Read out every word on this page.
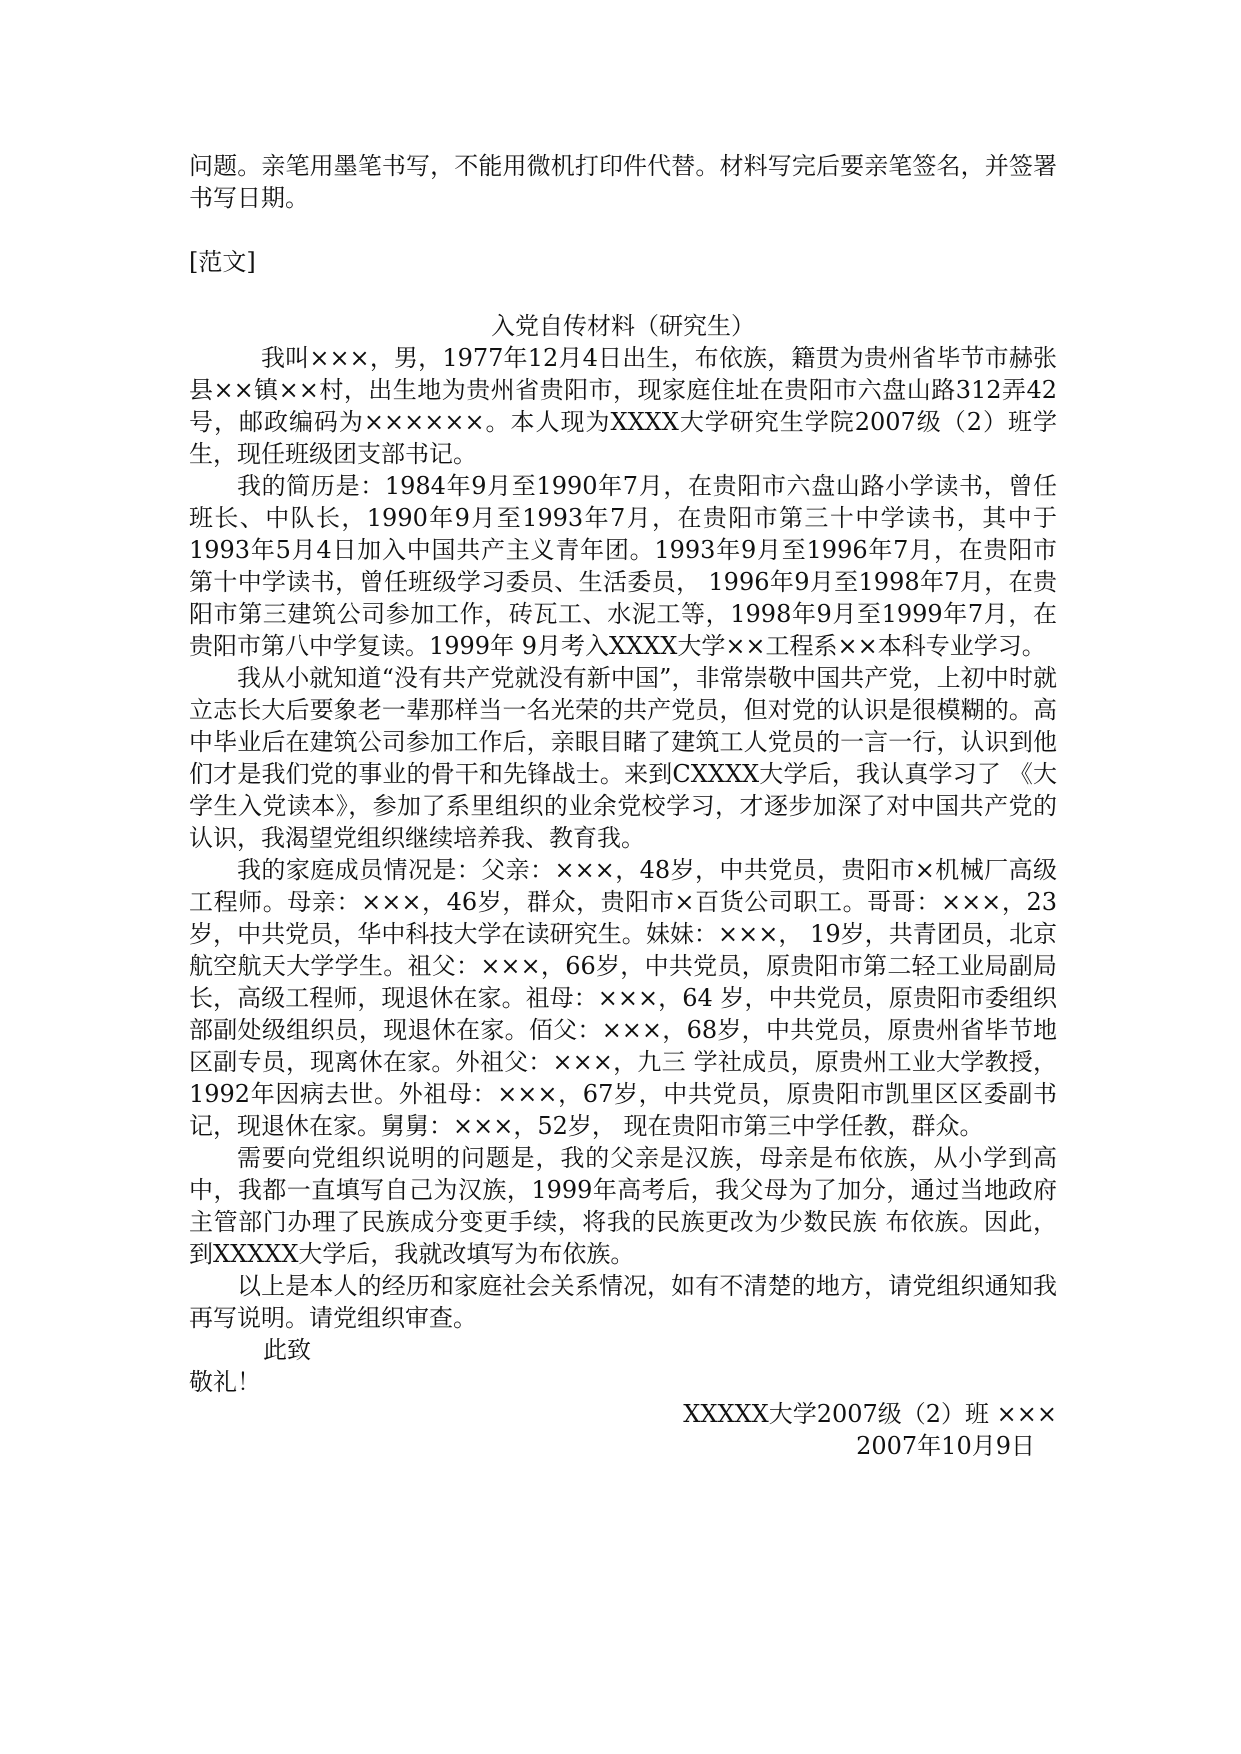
问题。亲笔用墨笔书写，不能用微机打印件代替。材料写完后要亲笔签名，并签署书写日期。

[范文]

入党自传材料（研究生）

我叫×××，男，1977年12月4日出生，布依族，籍贯为贵州省毕节市赫张县××镇××村，出生地为贵州省贵阳市，现家庭住址在贵阳市六盘山路312弄42号，邮政编码为××××××。本人现为XXXX大学研究生学院2007级（2）班学生，现任班级团支部书记。

我的简历是：1984年9月至1990年7月，在贵阳市六盘山路小学读书，曾任班长、中队长，1990年9月至1993年7月，在贵阳市第三十中学读书，其中于1993年5月4日加入中国共产主义青年团。1993年9月至1996年7月，在贵阳市第十中学读书，曾任班级学习委员、生活委员， 1996年9月至1998年7月，在贵阳市第三建筑公司参加工作，砖瓦工、水泥工等，1998年9月至1999年7月，在贵阳市第八中学复读。1999年 9月考入XXXX大学××工程系××本科专业学习。

我从小就知道“没有共产党就没有新中国”，非常崇敬中国共产党，上初中时就立志长大后要象老一辈那样当一名光荣的共产党员，但对党的认识是很模糊的。高中毕业后在建筑公司参加工作后，亲眼目睹了建筑工人党员的一言一行，认识到他们才是我们党的事业的骨干和先锋战士。来到CXXXX大学后，我认真学习了 《大学生入党读本》，参加了系里组织的业余党校学习，才逐步加深了对中国共产党的认识，我渴望党组织继续培养我、教育我。

我的家庭成员情况是：父亲：×××，48岁，中共党员，贵阳市×机械厂高级工程师。母亲：×××，46岁，群众，贵阳市×百货公司职工。哥哥：×××，23岁，中共党员，华中科技大学在读研究生。妹妹：×××， 19岁，共青团员，北京航空航天大学学生。祖父：×××，66岁，中共党员，原贵阳市第二轻工业局副局长，高级工程师，现退休在家。祖母：×××，64 岁，中共党员，原贵阳市委组织部副处级组织员，现退休在家。佰父：×××，68岁，中共党员，原贵州省毕节地区副专员，现离休在家。外祖父：×××，九三 学社成员，原贵州工业大学教授，1992年因病去世。外祖母：×××，67岁，中共党员，原贵阳市凯里区区委副书记，现退休在家。舅舅：×××，52岁， 现在贵阳市第三中学任教，群众。

需要向党组织说明的问题是，我的父亲是汉族，母亲是布依族，从小学到高中，我都一直填写自己为汉族，1999年高考后，我父母为了加分，通过当地政府主管部门办理了民族成分变更手续，将我的民族更改为少数民族 布依族。因此，到XXXXX大学后，我就改填写为布依族。

以上是本人的经历和家庭社会关系情况，如有不清楚的地方，请党组织通知我再写说明。请党组织审查。

此致

敬礼！

XXXXX大学2007级（2）班 ×××

2007年10月9日
